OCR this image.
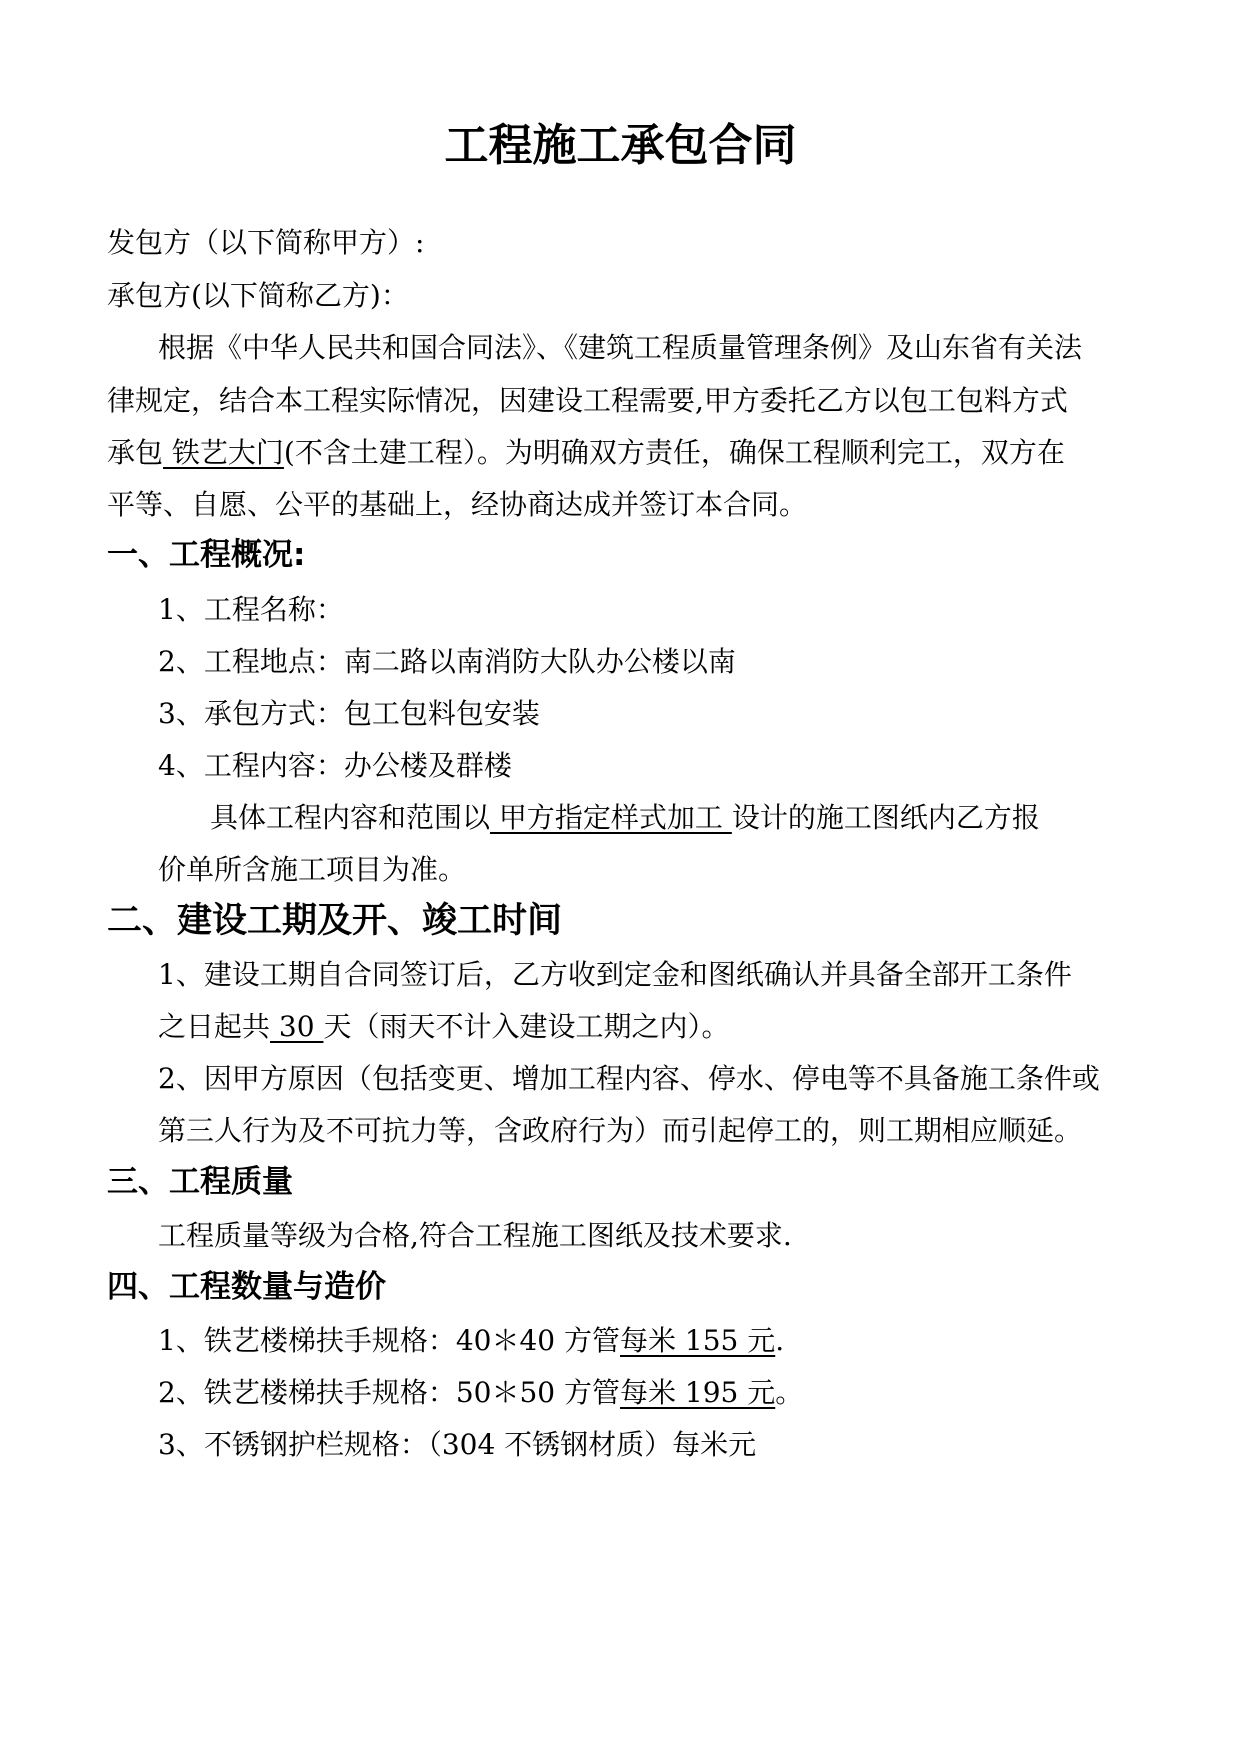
工程施工承包合同

发包方（以下简称甲方）:

承包方(以下简称乙方)：

根据《中华人民共和国合同法》、《建筑工程质量管理条例》及山东省有关法

律规定，结合本工程实际情况，因建设工程需要,甲方委托乙方以包工包料方式

承包 铁艺大门(不含土建工程）。为明确双方责任，确保工程顺利完工，双方在

平等、自愿、公平的基础上，经协商达成并签订本合同。

一、工程概况:

1、工程名称：

2、工程地点：南二路以南消防大队办公楼以南

3、承包方式：包工包料包安装

4、工程内容：办公楼及群楼

具体工程内容和范围以 甲方指定样式加工 设计的施工图纸内乙方报

价单所含施工项目为准。

二、建设工期及开、竣工时间

1、建设工期自合同签订后，乙方收到定金和图纸确认并具备全部开工条件

之日起共 30 天（雨天不计入建设工期之内）。

2、因甲方原因（包括变更、增加工程内容、停水、停电等不具备施工条件或

第三人行为及不可抗力等，含政府行为）而引起停工的，则工期相应顺延。

三、工程质量

工程质量等级为合格,符合工程施工图纸及技术要求.

四、工程数量与造价

1、铁艺楼梯扶手规格：40＊40 方管每米 155 元.

2、铁艺楼梯扶手规格：50＊50 方管每米 195 元。

3、不锈钢护栏规格：（304 不锈钢材质）每米元
